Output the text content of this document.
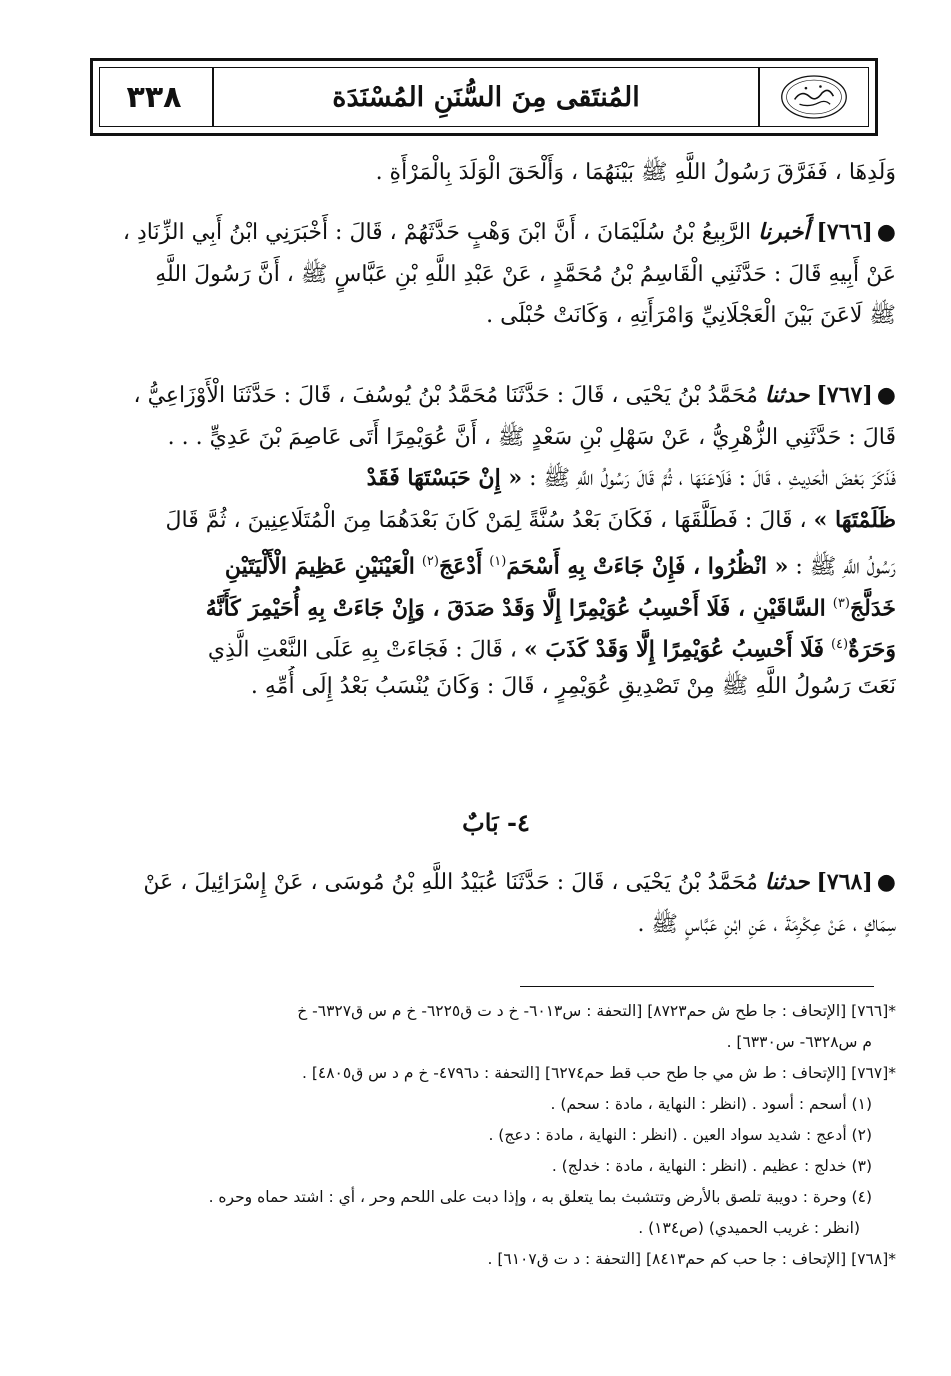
٣٣٨	المُنتَقى مِنَ السُّنَنِ المُسْنَدَة
وَلَدِهَا ، فَفَرَّقَ رَسُولُ اللَّهِ ﷺ بَيْنَهُمَا ، وَأَلْحَقَ الْوَلَدَ بِالْمَرْأَةِ .
●[٧٦٦] أَخبرنا الرَّبِيعُ بْنُ سُلَيْمَانَ ، أَنَّ ابْنَ وَهْبٍ حَدَّثَهُمْ ، قَالَ : أَخْبَرَنِي ابْنُ أَبِي الزِّنَادِ ،
عَنْ أَبِيهِ قَالَ : حَدَّثَنِي الْقَاسِمُ بْنُ مُحَمَّدٍ ، عَنْ عَبْدِ اللَّهِ بْنِ عَبَّاسٍ ﷺ ، أَنَّ رَسُولَ اللَّهِ
ﷺ لَاعَنَ بَيْنَ الْعَجْلَانِيِّ وَامْرَأَتِهِ ، وَكَانَتْ حُبْلَى .
●[٧٦٧] حدثنا مُحَمَّدُ بْنُ يَحْيَى ، قَالَ : حَدَّثَنَا مُحَمَّدُ بْنُ يُوسُفَ ، قَالَ : حَدَّثَنَا الْأَوْزَاعِيُّ ،
قَالَ : حَدَّثَنِي الزُّهْرِيُّ ، عَنْ سَهْلِ بْنِ سَعْدٍ ﷺ ، أَنَّ عُوَيْمِرًا أَتَى عَاصِمَ بْنَ عَدِيٍّ . . .
فَذَكَرَ بَعْضَ الْحَدِيثِ ، قَالَ : فَلَاعَنَهَا ، ثُمَّ قَالَ رَسُولُ اللَّهِ ﷺ : « إِنْ حَبَسْتَهَا فَقَدْ
ظَلَمْتَهَا » ، قَالَ : فَطَلَّقَهَا ، فَكَانَ بَعْدُ سُنَّةً لِمَنْ كَانَ بَعْدَهُمَا مِنَ الْمُتَلَاعِنِينَ ، ثُمَّ قَالَ
رَسُولُ اللَّهِ ﷺ : « انْظُرُوا ، فَإِنْ جَاءَتْ بِهِ أَسْحَمَ$^{(١)}$ أَدْعَجَ$^{(٢)}$ الْعَيْنَيْنِ عَظِيمَ الْأَلْيَتَيْنِ
خَدَلَّجَ$^{(٣)}$ السَّاقَيْنِ ، فَلَا أَحْسِبُ عُوَيْمِرًا إِلَّا وَقَدْ صَدَقَ ، وَإِنْ جَاءَتْ بِهِ أُحَيْمِرَ كَأَنَّهُ
وَحَرَةٌ$^{(٤)}$ فَلَا أَحْسِبُ عُوَيْمِرًا إِلَّا وَقَدْ كَذَبَ » ، قَالَ : فَجَاءَتْ بِهِ عَلَى النَّعْتِ الَّذِي
نَعَتَ رَسُولُ اللَّهِ ﷺ مِنْ تَصْدِيقِ عُوَيْمِرٍ ، قَالَ : وَكَانَ يُنْسَبُ بَعْدُ إِلَى أُمِّهِ .
٤- بَابٌ
●[٧٦٨] حدثنا مُحَمَّدُ بْنُ يَحْيَى ، قَالَ : حَدَّثَنَا عُبَيْدُ اللَّهِ بْنُ مُوسَى ، عَنْ إِسْرَائِيلَ ، عَنْ
سِمَاكٍ ، عَنْ عِكْرِمَةَ ، عَنِ ابْنِ عَبَّاسٍ ﷺ .
*[٧٦٦] [الإتحاف : جا طح ش حم٨٧٢٣] [التحفة : س٦٠١٣- خ د ت ق٦٢٢٥- خ م س ق٦٣٢٧- خ
م س٦٣٢٨- س٦٣٣٠] .
*[٧٦٧] [الإتحاف : ط ش مي جا طح حب قط حم٦٢٧٤] [التحفة : د٤٧٩٦- خ م د س ق٤٨٠٥] .
(١) أسحم : أسود . (انظر : النهاية ، مادة : سحم) .
(٢) أدعج : شديد سواد العين . (انظر : النهاية ، مادة : دعج) .
(٣) خدلج : عظيم . (انظر : النهاية ، مادة : خدلج) .
(٤) وحرة : دويبة تلصق بالأرض وتتشبث بما يتعلق به ، وإذا دبت على اللحم وحر ، أي : اشتد حماه وحره .
(انظر : غريب الحميدي) (ص١٣٤) .
*[٧٦٨] [الإتحاف : جا حب كم حم٨٤١٣] [التحفة : د ت ق٦١٠٧] .
